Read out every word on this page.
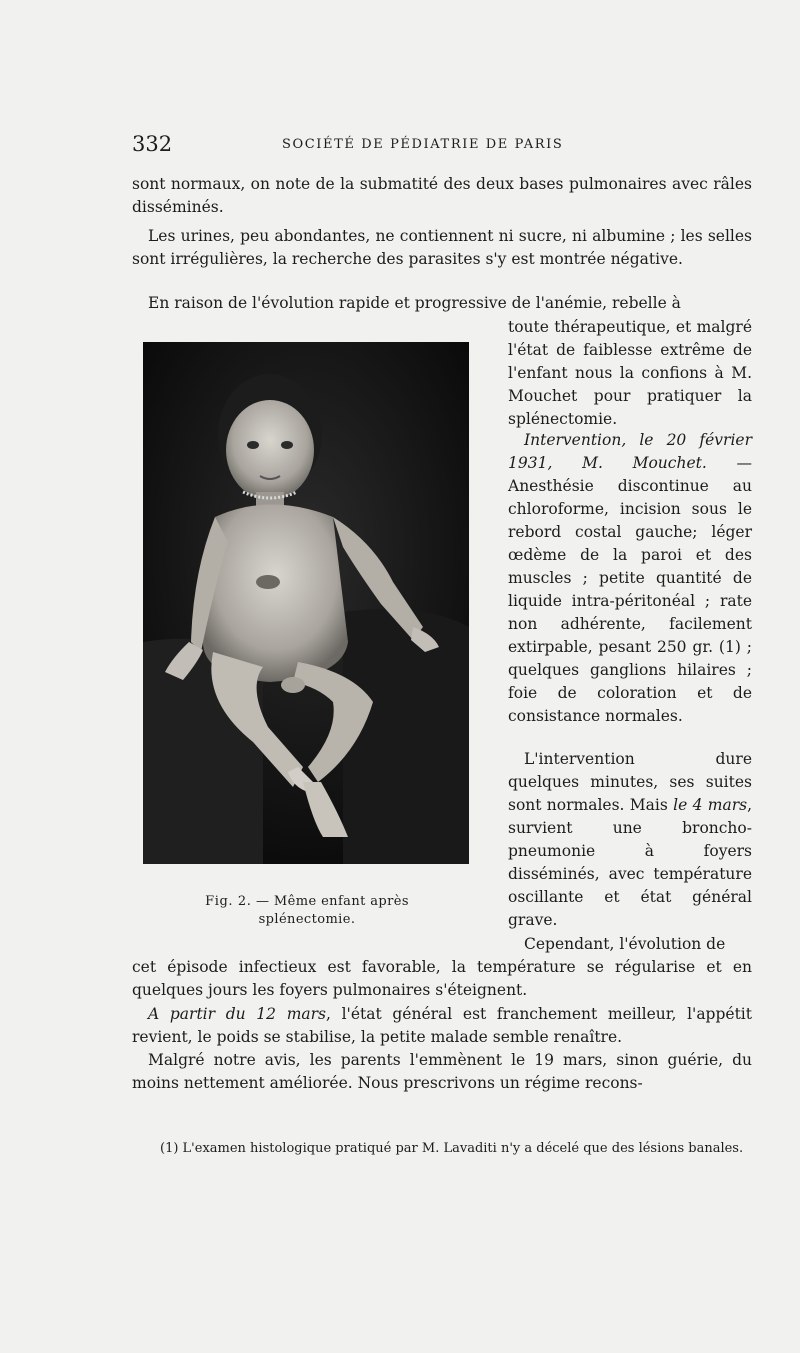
332	SOCIÉTÉ DE PÉDIATRIE DE PARIS

sont normaux, on note de la submatité des deux bases pulmonaires avec râles disséminés.

Les urines, peu abondantes, ne contiennent ni sucre, ni albumine ; les selles sont irrégulières, la recherche des parasites s'y est montrée négative.

En raison de l'évolution rapide et progressive de l'anémie, rebelle à

toute thérapeutique, et malgré l'état de faiblesse extrême de l'enfant nous la confions à M. Mouchet pour pratiquer la splénectomie.

Intervention, le 20 février 1931, M. Mouchet. — Anesthésie discontinue au chloroforme, incision sous le rebord costal gauche; léger œdème de la paroi et des muscles ; petite quantité de liquide intra-péritonéal ; rate non adhérente, facilement extirpable, pesant 250 gr. (1) ; quelques ganglions hilaires ; foie de coloration et de consistance normales.

L'intervention dure quelques minutes, ses suites sont normales. Mais le 4 mars, survient une broncho-pneumonie à foyers disséminés, avec température oscillante et état général grave.

Cependant, l'évolution de

cet épisode infectieux est favorable, la température se régularise et en quelques jours les foyers pulmonaires s'éteignent.

A partir du 12 mars, l'état général est franchement meilleur, l'appétit revient, le poids se stabilise, la petite malade semble renaître.

Malgré notre avis, les parents l'emmènent le 19 mars, sinon guérie, du moins nettement améliorée. Nous prescrivons un régime recons-

Fig. 2. — Même enfant après splénectomie.

(1) L'examen histologique pratiqué par M. Lavaditi n'y a décelé que des lésions banales.
